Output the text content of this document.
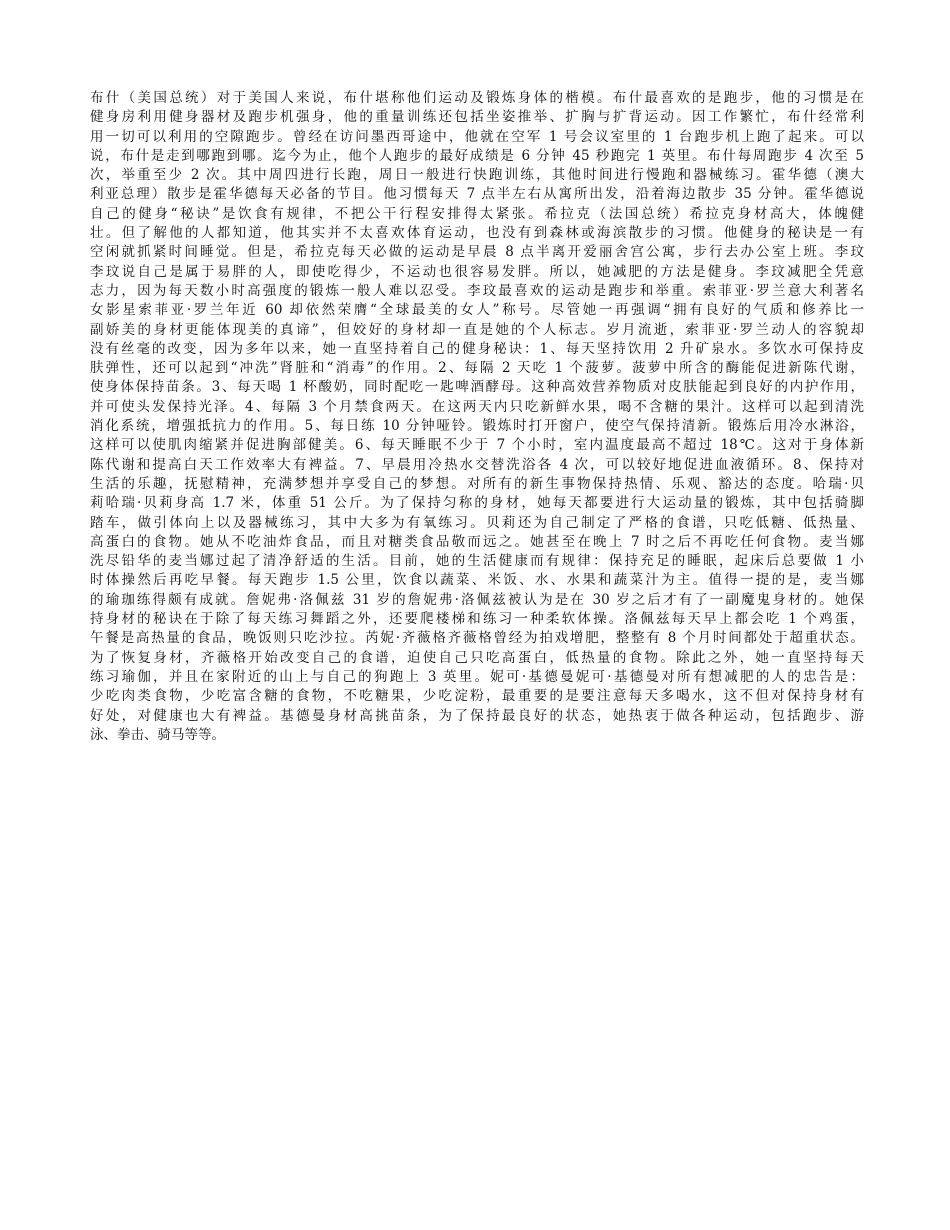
布什（美国总统）对于美国人来说，布什堪称他们运动及锻炼身体的楷模。布什最喜欢的是跑步，他的习惯是在
健身房利用健身器材及跑步机强身，他的重量训练还包括坐姿推举、扩胸与扩背运动。因工作繁忙，布什经常利
用一切可以利用的空隙跑步。曾经在访问墨西哥途中，他就在空军 1 号会议室里的 1 台跑步机上跑了起来。可以
说，布什是走到哪跑到哪。迄今为止，他个人跑步的最好成绩是 6 分钟 45 秒跑完 1 英里。布什每周跑步 4 次至 5
次，举重至少 2 次。其中周四进行长跑，周日一般进行快跑训练，其他时间进行慢跑和器械练习。霍华德（澳大
利亚总理）散步是霍华德每天必备的节目。他习惯每天 7 点半左右从寓所出发，沿着海边散步 35 分钟。霍华德说
自己的健身“秘诀”是饮食有规律，不把公干行程安排得太紧张。希拉克（法国总统）希拉克身材高大，体魄健
壮。但了解他的人都知道，他其实并不太喜欢体育运动，也没有到森林或海滨散步的习惯。他健身的秘诀是一有
空闲就抓紧时间睡觉。但是，希拉克每天必做的运动是早晨 8 点半离开爱丽舍宫公寓，步行去办公室上班。李玟
李玟说自己是属于易胖的人，即使吃得少，不运动也很容易发胖。所以，她减肥的方法是健身。李玟减肥全凭意
志力，因为每天数小时高强度的锻炼一般人难以忍受。李玟最喜欢的运动是跑步和举重。索菲亚·罗兰意大利著名
女影星索菲亚·罗兰年近 60 却依然荣膺“全球最美的女人”称号。尽管她一再强调“拥有良好的气质和修养比一
副娇美的身材更能体现美的真谛”，但姣好的身材却一直是她的个人标志。岁月流逝，索菲亚·罗兰动人的容貌却
没有丝毫的改变，因为多年以来，她一直坚持着自己的健身秘诀：1、每天坚持饮用 2 升矿泉水。多饮水可保持皮
肤弹性，还可以起到“冲洗”肾脏和“消毒”的作用。2、每隔 2 天吃 1 个菠萝。菠萝中所含的酶能促进新陈代谢，
使身体保持苗条。3、每天喝 1 杯酸奶，同时配吃一匙啤酒酵母。这种高效营养物质对皮肤能起到良好的内护作用，
并可使头发保持光泽。4、每隔 3 个月禁食两天。在这两天内只吃新鲜水果，喝不含糖的果汁。这样可以起到清洗
消化系统，增强抵抗力的作用。5、每日练 10 分钟哑铃。锻炼时打开窗户，使空气保持清新。锻炼后用冷水淋浴，
这样可以使肌肉缩紧并促进胸部健美。6、每天睡眠不少于 7 个小时，室内温度最高不超过 18℃。这对于身体新
陈代谢和提高白天工作效率大有裨益。7、早晨用冷热水交替洗浴各 4 次，可以较好地促进血液循环。8、保持对
生活的乐趣，抚慰精神，充满梦想并享受自己的梦想。对所有的新生事物保持热情、乐观、豁达的态度。哈瑞·贝
莉哈瑞·贝莉身高 1.7 米，体重 51 公斤。为了保持匀称的身材，她每天都要进行大运动量的锻炼，其中包括骑脚
踏车，做引体向上以及器械练习，其中大多为有氧练习。贝莉还为自己制定了严格的食谱，只吃低糖、低热量、
高蛋白的食物。她从不吃油炸食品，而且对糖类食品敬而远之。她甚至在晚上 7 时之后不再吃任何食物。麦当娜
洗尽铅华的麦当娜过起了清净舒适的生活。目前，她的生活健康而有规律：保持充足的睡眠，起床后总要做 1 小
时体操然后再吃早餐。每天跑步 1.5 公里，饮食以蔬菜、米饭、水、水果和蔬菜汁为主。值得一提的是，麦当娜
的瑜珈练得颇有成就。詹妮弗·洛佩兹 31 岁的詹妮弗·洛佩兹被认为是在 30 岁之后才有了一副魔鬼身材的。她保
持身材的秘诀在于除了每天练习舞蹈之外，还要爬楼梯和练习一种柔软体操。洛佩兹每天早上都会吃 1 个鸡蛋，
午餐是高热量的食品，晚饭则只吃沙拉。芮妮·齐薇格齐薇格曾经为拍戏增肥，整整有 8 个月时间都处于超重状态。
为了恢复身材，齐薇格开始改变自己的食谱，迫使自己只吃高蛋白，低热量的食物。除此之外，她一直坚持每天
练习瑜伽，并且在家附近的山上与自己的狗跑上 3 英里。妮可·基德曼妮可·基德曼对所有想减肥的人的忠告是：
少吃肉类食物，少吃富含糖的食物，不吃糖果，少吃淀粉，最重要的是要注意每天多喝水，这不但对保持身材有
好处，对健康也大有裨益。基德曼身材高挑苗条，为了保持最良好的状态，她热衷于做各种运动，包括跑步、游
泳、拳击、骑马等等。
